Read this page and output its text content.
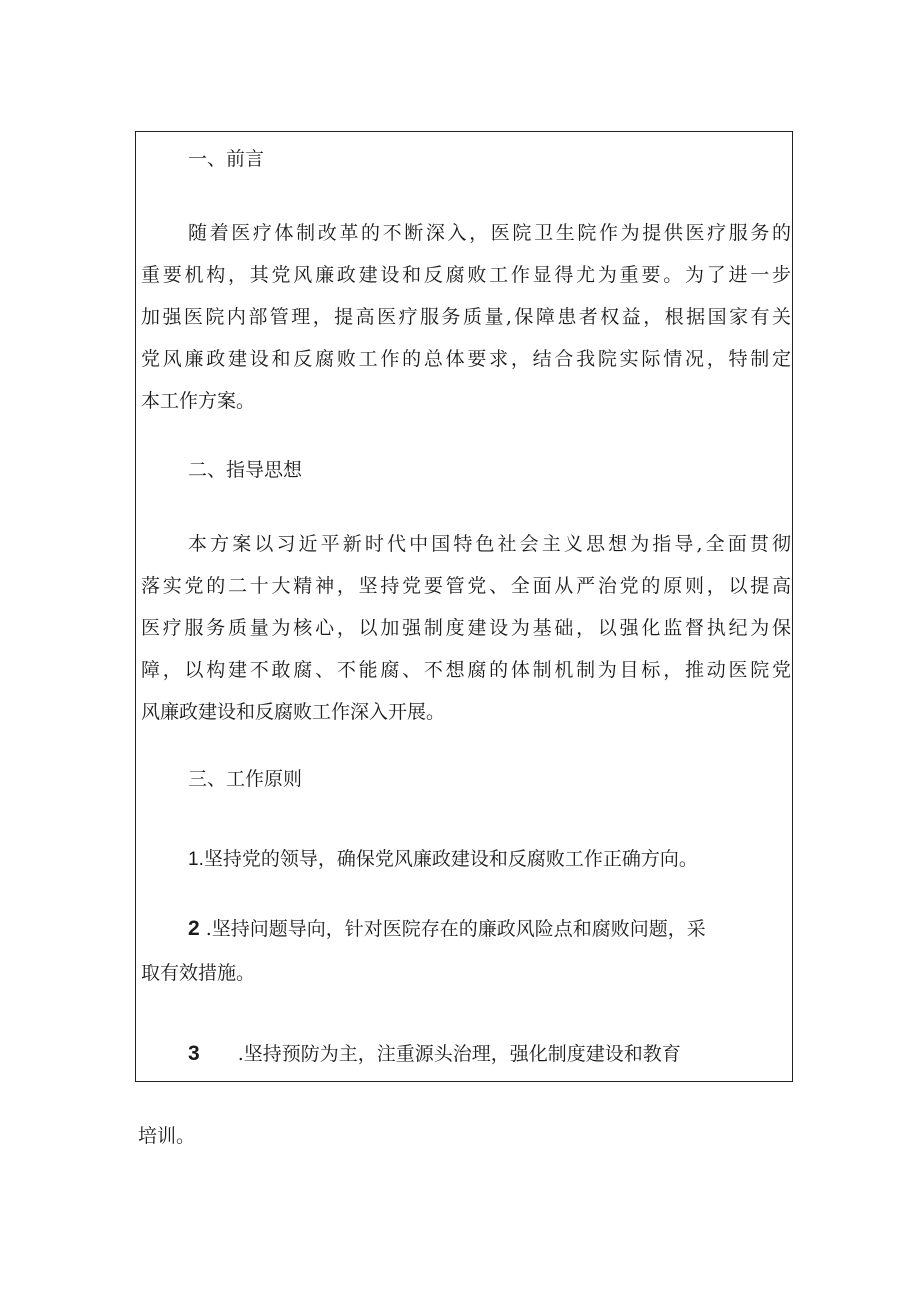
一、前言
随着医疗体制改革的不断深入，医院卫生院作为提供医疗服务的
重要机构，其党风廉政建设和反腐败工作显得尤为重要。为了进一步
加强医院内部管理，提高医疗服务质量,保障患者权益，根据国家有关
党风廉政建设和反腐败工作的总体要求，结合我院实际情况，特制定
本工作方案。
二、指导思想
本方案以习近平新时代中国特色社会主义思想为指导,全面贯彻
落实党的二十大精神，坚持党要管党、全面从严治党的原则，以提高
医疗服务质量为核心，以加强制度建设为基础，以强化监督执纪为保
障，以构建不敢腐、不能腐、不想腐的体制机制为目标，推动医院党
风廉政建设和反腐败工作深入开展。
三、工作原则
1.坚持党的领导，确保党风廉政建设和反腐败工作正确方向。
2 .坚持问题导向，针对医院存在的廉政风险点和腐败问题，采
取有效措施。
3 .坚持预防为主，注重源头治理，强化制度建设和教育
培训。
